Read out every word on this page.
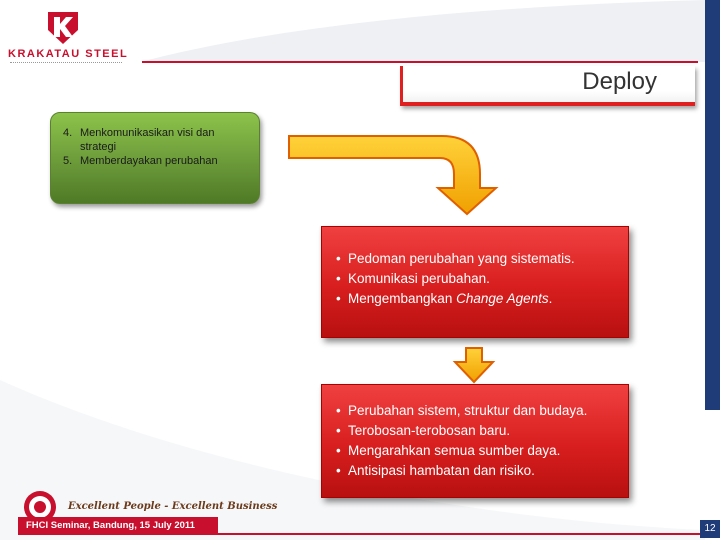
KRAKATAU STEEL
Deploy
4. Menkomunikasikan visi dan strategi
5. Memberdayakan perubahan
• Pedoman perubahan yang sistematis.
• Komunikasi perubahan.
• Mengembangkan Change Agents.
• Perubahan sistem, struktur dan budaya.
• Terobosan-terobosan baru.
• Mengarahkan semua sumber daya.
• Antisipasi hambatan dan risiko.
Excellent People - Excellent Business
FHCI Seminar, Bandung, 15 July 2011	12
